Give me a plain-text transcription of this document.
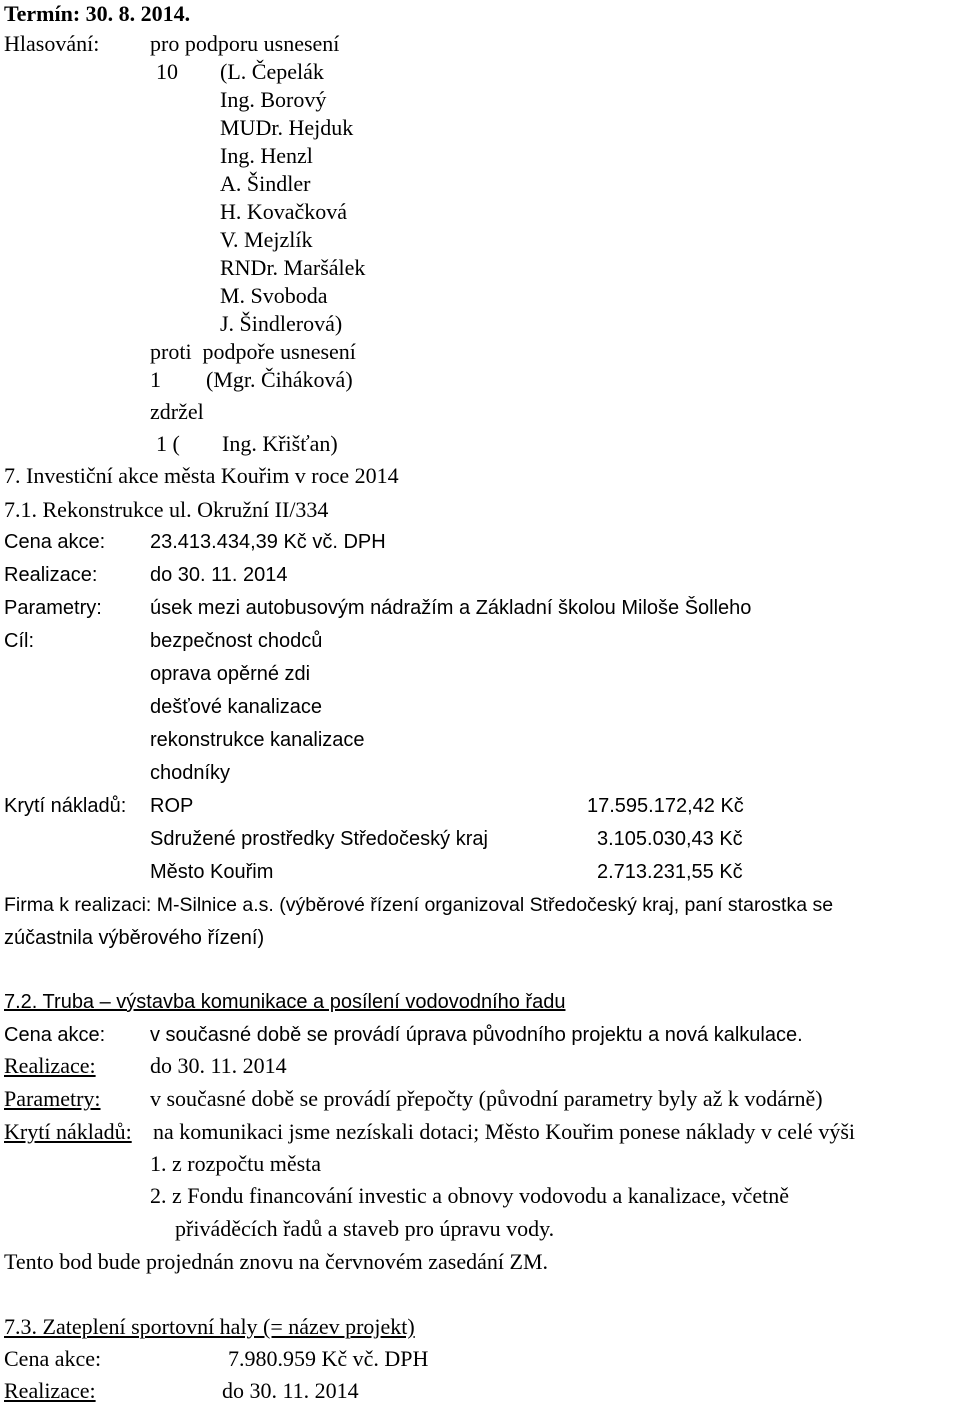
Termín: 30. 8. 2014.
Hlasování: pro podporu usnesení
10 (L. Čepelák
Ing. Borový
MUDr. Hejduk
Ing. Henzl
A. Šindler
H. Kovačková
V. Mejzlík
RNDr. Maršálek
M. Svoboda
J. Šindlerová)
proti  podpoře usnesení
1 (Mgr. Čiháková)
zdržel
1 ( Ing. Křišťan)
7. Investiční akce města Kouřim v roce 2014
7.1. Rekonstrukce ul. Okružní II/334
Cena akce: 23.413.434,39 Kč vč. DPH
Realizace:	do 30. 11. 2014
Parametry: úsek mezi autobusovým nádražím a Základní školou Miloše Šolleho
Cíl:	bezpečnost chodců
oprava opěrné zdi
dešťové kanalizace
rekonstrukce kanalizace
chodníky
Krytí nákladů: ROP	17.595.172,42 Kč
Sdružené prostředky Středočeský kraj	3.105.030,43 Kč
Město Kouřim	2.713.231,55 Kč
Firma k realizaci: M-Silnice a.s. (výběrové řízení organizoval Středočeský kraj, paní starostka se
zúčastnila výběrového řízení)
7.2. Truba – výstavba komunikace a posílení vodovodního řadu
Cena akce: v současné době se provádí úprava původního projektu a nová kalkulace.
Realizace: do 30. 11. 2014
Parametry: v současné době se provádí přepočty (původní parametry byly až k vodárně)
Krytí nákladů: na komunikaci jsme nezískali dotaci; Město Kouřim ponese náklady v celé výši
1. z rozpočtu města
2. z Fondu financování investic a obnovy vodovodu a kanalizace, včetně
přiváděcích řadů a staveb pro úpravu vody.
Tento bod bude projednán znovu na červnovém zasedání ZM.
7.3. Zateplení sportovní haly (= název projekt)
Cena akce:	7.980.959 Kč vč. DPH
Realizace:	do 30. 11. 2014
